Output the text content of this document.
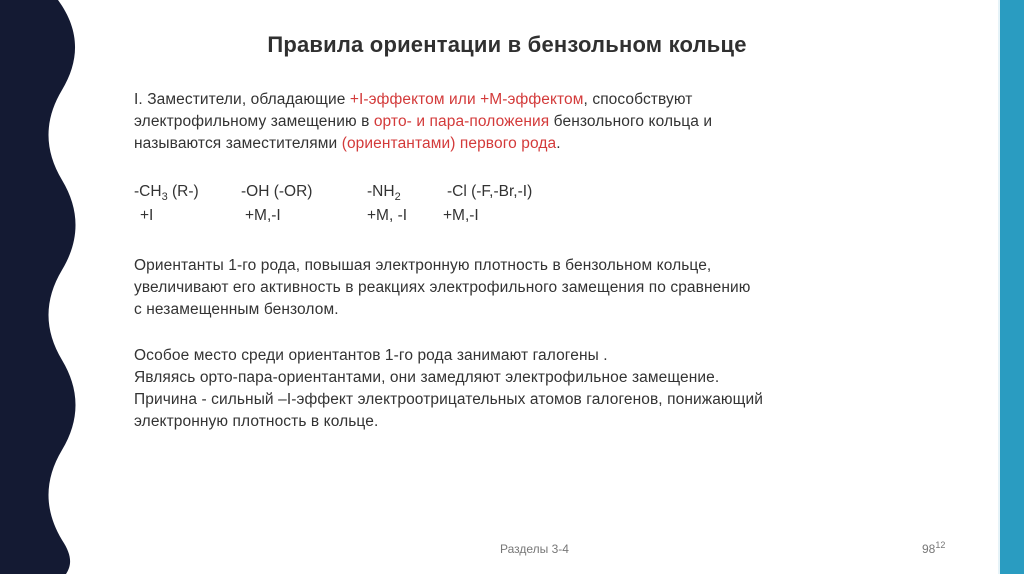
Правила ориентации в бензольном кольце
I. Заместители, обладающие +I-эффектом или +М-эффектом, способствуют
электрофильному замещению в орто- и пара-положения бензольного кольца и
называются заместителями (ориентантами) первого рода.
$-CH_3$ (R-)
+I
-OH (-OR)
+M,-I
$-NH_2$
+M, -I
-Cl (-F,-Br,-I)
+M,-I
Ориентанты 1-го рода, повышая электронную плотность в бензольном кольце,
увеличивают его активность в реакциях электрофильного замещения по сравнению
с незамещенным бензолом.
Особое место среди ориентантов 1-го рода занимают галогены .
Являясь орто-пара-ориентантами, они замедляют электрофильное замещение.
Причина - сильный –I-эффект электроотрицательных атомов галогенов, понижающий
электронную плотность в кольце.
Разделы 3-4	$98^{12}$
